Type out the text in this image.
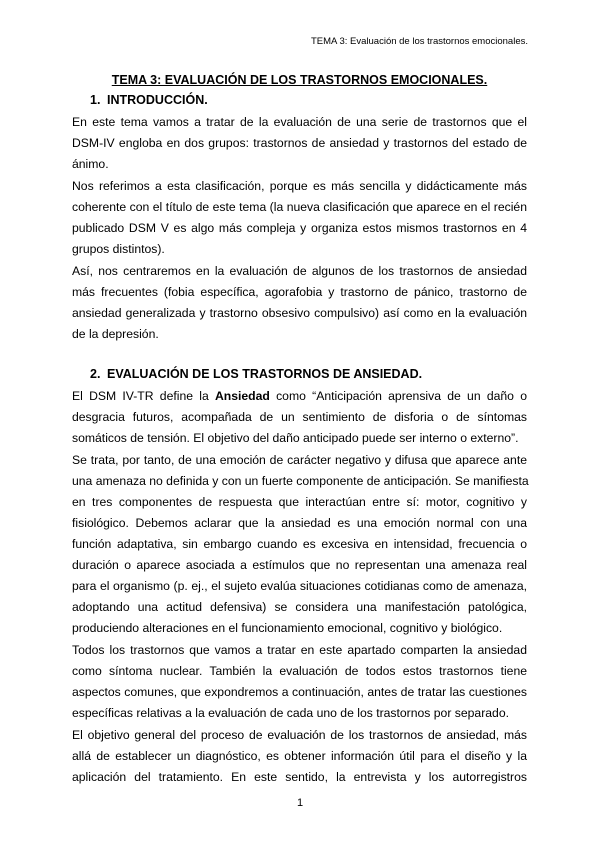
TEMA 3: Evaluación de los trastornos emocionales.
TEMA 3: EVALUACIÓN DE LOS TRASTORNOS EMOCIONALES.
1. INTRODUCCIÓN.
En este tema vamos a tratar de la evaluación de una serie de trastornos que el
DSM-IV engloba en dos grupos: trastornos de ansiedad y trastornos del estado de
ánimo.
Nos referimos a esta clasificación, porque es más sencilla y didácticamente más
coherente con el título de este tema (la nueva clasificación que aparece en el recién
publicado DSM V es algo más compleja y organiza estos mismos trastornos en 4
grupos distintos).
Así, nos centraremos en la evaluación de algunos de los trastornos de ansiedad
más frecuentes (fobia específica, agorafobia y trastorno de pánico, trastorno de
ansiedad generalizada y trastorno obsesivo compulsivo) así como en la evaluación
de la depresión.
2. EVALUACIÓN DE LOS TRASTORNOS DE ANSIEDAD.
El DSM IV-TR define la Ansiedad como “Anticipación aprensiva de un daño o
desgracia futuros, acompañada de un sentimiento de disforia o de síntomas
somáticos de tensión. El objetivo del daño anticipado puede ser interno o externo”.
Se trata, por tanto, de una emoción de carácter negativo y difusa que aparece ante
una amenaza no definida y con un fuerte componente de anticipación. Se manifiesta
en tres componentes de respuesta que interactúan entre sí: motor, cognitivo y
fisiológico. Debemos aclarar que la ansiedad es una emoción normal con una
función adaptativa, sin embargo cuando es excesiva en intensidad, frecuencia o
duración o aparece asociada a estímulos que no representan una amenaza real
para el organismo (p. ej., el sujeto evalúa situaciones cotidianas como de amenaza,
adoptando una actitud defensiva) se considera una manifestación patológica,
produciendo alteraciones en el funcionamiento emocional, cognitivo y biológico.
Todos los trastornos que vamos a tratar en este apartado comparten la ansiedad
como síntoma nuclear. También la evaluación de todos estos trastornos tiene
aspectos comunes, que expondremos a continuación, antes de tratar las cuestiones
específicas relativas a la evaluación de cada uno de los trastornos por separado.
El objetivo general del proceso de evaluación de los trastornos de ansiedad, más
allá de establecer un diagnóstico, es obtener información útil para el diseño y la
aplicación del tratamiento. En este sentido, la entrevista y los autorregistros
1
